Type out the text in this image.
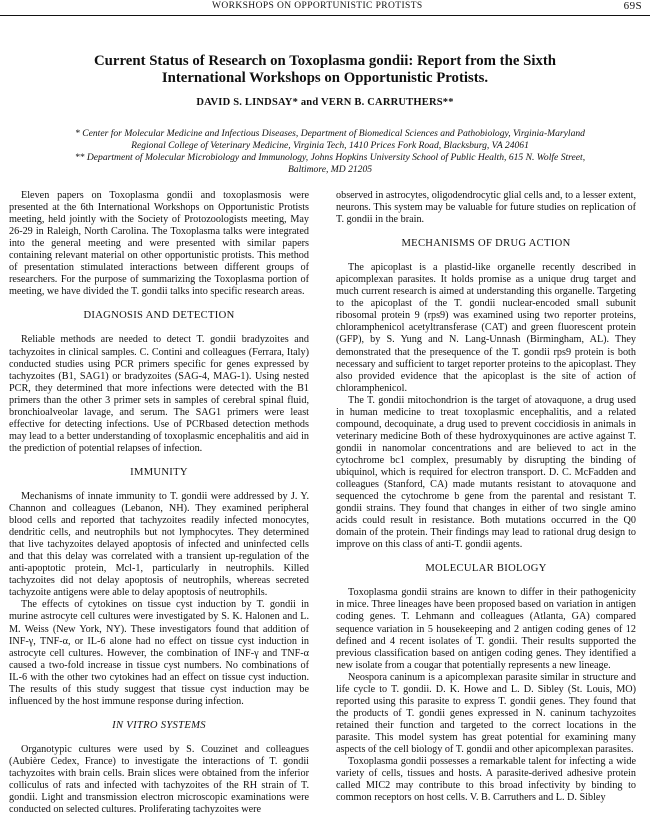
WORKSHOPS ON OPPORTUNISTIC PROTISTS	69S
Current Status of Research on Toxoplasma gondii: Report from the Sixth
International Workshops on Opportunistic Protists.
DAVID S. LINDSAY* and VERN B. CARRUTHERS**
* Center for Molecular Medicine and Infectious Diseases, Department of Biomedical Sciences and Pathobiology, Virginia-Maryland
Regional College of Veterinary Medicine, Virginia Tech, 1410 Prices Fork Road, Blacksburg, VA 24061
** Department of Molecular Microbiology and Immunology, Johns Hopkins University School of Public Health, 615 N. Wolfe Street,
Baltimore, MD 21205

Eleven papers on Toxoplasma gondii and toxoplasmosis were presented at the 6th International Workshops on Opportunistic Protists meeting, held jointly with the Society of Protozoologists meeting, May 26-29 in Raleigh, North Carolina. The Toxoplasma talks were integrated into the general meeting and were presented with similar papers containing relevant material on other opportunistic protists. This method of presentation stimulated interactions between different groups of researchers. For the purpose of summarizing the Toxoplasma portion of meeting, we have divided the T. gondii talks into specific research areas.

DIAGNOSIS AND DETECTION

Reliable methods are needed to detect T. gondii bradyzoites and tachyzoites in clinical samples. C. Contini and colleagues (Ferrara, Italy) conducted studies using PCR primers specific for genes expressed by tachyzoites (B1, SAG1) or bradyzoites (SAG-4, MAG-1). Using nested PCR, they determined that more infections were detected with the B1 primers than the other 3 primer sets in samples of cerebral spinal fluid, bronchioalveolar lavage, and serum. The SAG1 primers were least effective for detecting infections. Use of PCRbased detection methods may lead to a better understanding of toxoplasmic encephalitis and aid in the prediction of potential relapses of infection.

IMMUNITY

Mechanisms of innate immunity to T. gondii were addressed by J. Y. Channon and colleagues (Lebanon, NH). They examined peripheral blood cells and reported that tachyzoites readily infected monocytes, dendritic cells, and neutrophils but not lymphocytes. They determined that live tachyzoites delayed apoptosis of infected and uninfected cells and that this delay was correlated with a transient up-regulation of the anti-apoptotic protein, Mcl-1, particularly in neutrophils. Killed tachyzoites did not delay apoptosis of neutrophils, whereas secreted tachyzoite antigens were able to delay apoptosis of neutrophils.

The effects of cytokines on tissue cyst induction by T. gondii in murine astrocyte cell cultures were investigated by S. K. Halonen and L. M. Weiss (New York, NY). These investigators found that addition of INF-γ, TNF-α, or IL-6 alone had no effect on tissue cyst induction in astrocyte cell cultures. However, the combination of INF-γ and TNF-α caused a two-fold increase in tissue cyst numbers. No combinations of IL-6 with the other two cytokines had an effect on tissue cyst induction. The results of this study suggest that tissue cyst induction may be influenced by the host immune response during infection.

IN VITRO SYSTEMS

Organotypic cultures were used by S. Couzinet and colleagues (Aubière Cedex, France) to investigate the interactions of T. gondii tachyzoites with brain cells. Brain slices were obtained from the inferior colliculus of rats and infected with tachyzoites of the RH strain of T. gondii. Light and transmission electron microscopic examinations were conducted on selected cultures. Proliferating tachyzoites were

observed in astrocytes, oligodendrocytic glial cells and, to a lesser extent, neurons. This system may be valuable for future studies on replication of T. gondii in the brain.

MECHANISMS OF DRUG ACTION

The apicoplast is a plastid-like organelle recently described in apicomplexan parasites. It holds promise as a unique drug target and much current research is aimed at understanding this organelle. Targeting to the apicoplast of the T. gondii nuclear-encoded small subunit ribosomal protein 9 (rps9) was examined using two reporter proteins, chloramphenicol acetyltransferase (CAT) and green fluorescent protein (GFP), by S. Yung and N. Lang-Unnash (Birmingham, AL). They demonstrated that the presequence of the T. gondii rps9 protein is both necessary and sufficient to target reporter proteins to the apicoplast. They also provided evidence that the apicoplast is the site of action of chloramphenicol.

The T. gondii mitochondrion is the target of atovaquone, a drug used in human medicine to treat toxoplasmic encephalitis, and a related compound, decoquinate, a drug used to prevent coccidiosis in animals in veterinary medicine Both of these hydroxyquinones are active against T. gondii in nanomolar concentrations and are believed to act in the cytochrome bc1 complex, presumably by disrupting the binding of ubiquinol, which is required for electron transport. D. C. McFadden and colleagues (Stanford, CA) made mutants resistant to atovaquone and sequenced the cytochrome b gene from the parental and resistant T. gondii strains. They found that changes in either of two single amino acids could result in resistance. Both mutations occurred in the Q0 domain of the protein. Their findings may lead to rational drug design to improve on this class of anti-T. gondii agents.

MOLECULAR BIOLOGY

Toxoplasma gondii strains are known to differ in their pathogenicity in mice. Three lineages have been proposed based on variation in antigen coding genes. T. Lehmann and colleagues (Atlanta, GA) compared sequence variation in 5 housekeeping and 2 antigen coding genes of 12 defined and 4 recent isolates of T. gondii. Their results supported the previous classification based on antigen coding genes. They identified a new isolate from a cougar that potentially represents a new lineage.

Neospora caninum is a apicomplexan parasite similar in structure and life cycle to T. gondii. D. K. Howe and L. D. Sibley (St. Louis, MO) reported using this parasite to express T. gondii genes. They found that the products of T. gondii genes expressed in N. caninum tachyzoites retained their function and targeted to the correct locations in the parasite. This model system has great potential for examining many aspects of the cell biology of T. gondii and other apicomplexan parasites.

Toxoplasma gondii possesses a remarkable talent for infecting a wide variety of cells, tissues and hosts. A parasite-derived adhesive protein called MIC2 may contribute to this broad infectivity by binding to common receptors on host cells. V. B. Carruthers and L. D. Sibley
